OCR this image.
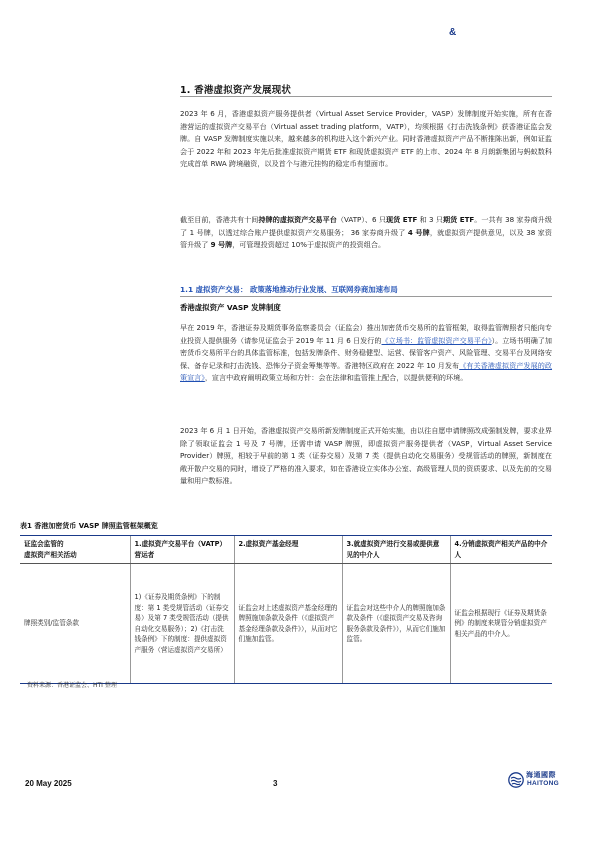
&
1. 香港虚拟资产发展现状
2023 年 6 月，香港虚拟资产服务提供者（Virtual Asset Service Provider，VASP）发牌制度开始实施，所有在香港营运的虚拟资产交易平台（Virtual asset trading platform，VATP），均须根据《打击洗钱条例》获香港证监会发牌。自 VASP 发牌制度实施以来，越来越多的机构进入这个新兴产业。同时香港虚拟资产产品不断推陈出新，例如证监会于 2022 年和 2023 年先后批准虚拟资产期货 ETF 和现货虚拟资产 ETF 的上市、2024 年 8 月朗新集团与蚂蚁数科完成首单 RWA 跨境融资，以及首个与港元挂钩的稳定币有望面市。
截至目前，香港共有十间持牌的虚拟资产交易平台（VATP）、6 只现货 ETF 和 3 只期货 ETF。一共有 38 家券商升级了 1 号牌，以透过综合账户提供虚拟资产交易服务； 36 家券商升级了 4 号牌，就虚拟资产提供意见，以及 38 家资管升级了 9 号牌，可管理投资超过 10%于虚拟资产的投资组合。
1.1 虚拟资产交易： 政策落地推动行业发展、互联网券商加速布局
香港虚拟资产 VASP 发牌制度
早在 2019 年，香港证券及期货事务监察委员会（证监会）推出加密货币交易所的监管框架，取得监管牌照者只能向专业投资人提供服务（请参见证监会于 2019 年 11 月 6 日发行的《立场书：监管虚拟资产交易平台》）。立场书明确了加密货币交易所平台的具体监管标准，包括发牌条件、财务稳健型、运营、保管客户资产、风险管理、交易平台及网络安保、备存记录和打击洗钱、恐怖分子资金筹集等等。香港特区政府在 2022 年 10 月发布《有关香港虚拟资产发展的政策宣言》，宣言中政府阐明政策立场和方针：会在法律和监管推上配合，以提供便利的环境。
2023 年 6 月 1 日开始，香港虚拟资产交易所新发牌制度正式开始实施，由以往自愿申请牌照改成强制发牌，要求业界除了领取证监会 1 号及 7 号牌，还需申请 VASP 牌照，即虚拟资产服务提供者（VASP，Virtual Asset Service Provider）牌照，相较于早前的第 1 类（证券交易）及第 7 类（提供自动化交易服务）受规管活动的牌照，新制度在敞开散户交易的同时，增设了严格的准入要求，如在香港设立实体办公室、高级管理人员的资质要求、以及先前的交易量和用户数标准。
表1 香港加密货币 VASP 牌照监管框架概览
证监会监管的
虚拟资产相关活动	1.虚拟资产交易平台（VATP）营运者	2.虚拟资产基金经理	3.就虚拟资产进行交易或提供意见的中介人	4.分销虚拟资产相关产品的中介人
牌照类别/监管条款	1)《证券及期货条例》下的制度：第 1 类受规管活动（证券交易）及第 7 类受规管活动（提供自动化交易服务）；2)《打击洗钱条例》下的制度：提供虚拟资产服务（营运虚拟资产交易所）	证监会对上述虚拟资产基金经理的牌照施加条款及条件（《虚拟资产基金经理条款及条件》），从而对它们施加监管。	证监会对这些中介人的牌照施加条款及条件（《虚拟资产交易及咨询服务条款及条件》），从而它们施加监管。	证监会根据现行《证券及期货条例》的制度来规管分销虚拟资产相关产品的中介人。
资料来源：香港证监会、HTI 整理
20 May 2025	3
海通國際
HAITONG
